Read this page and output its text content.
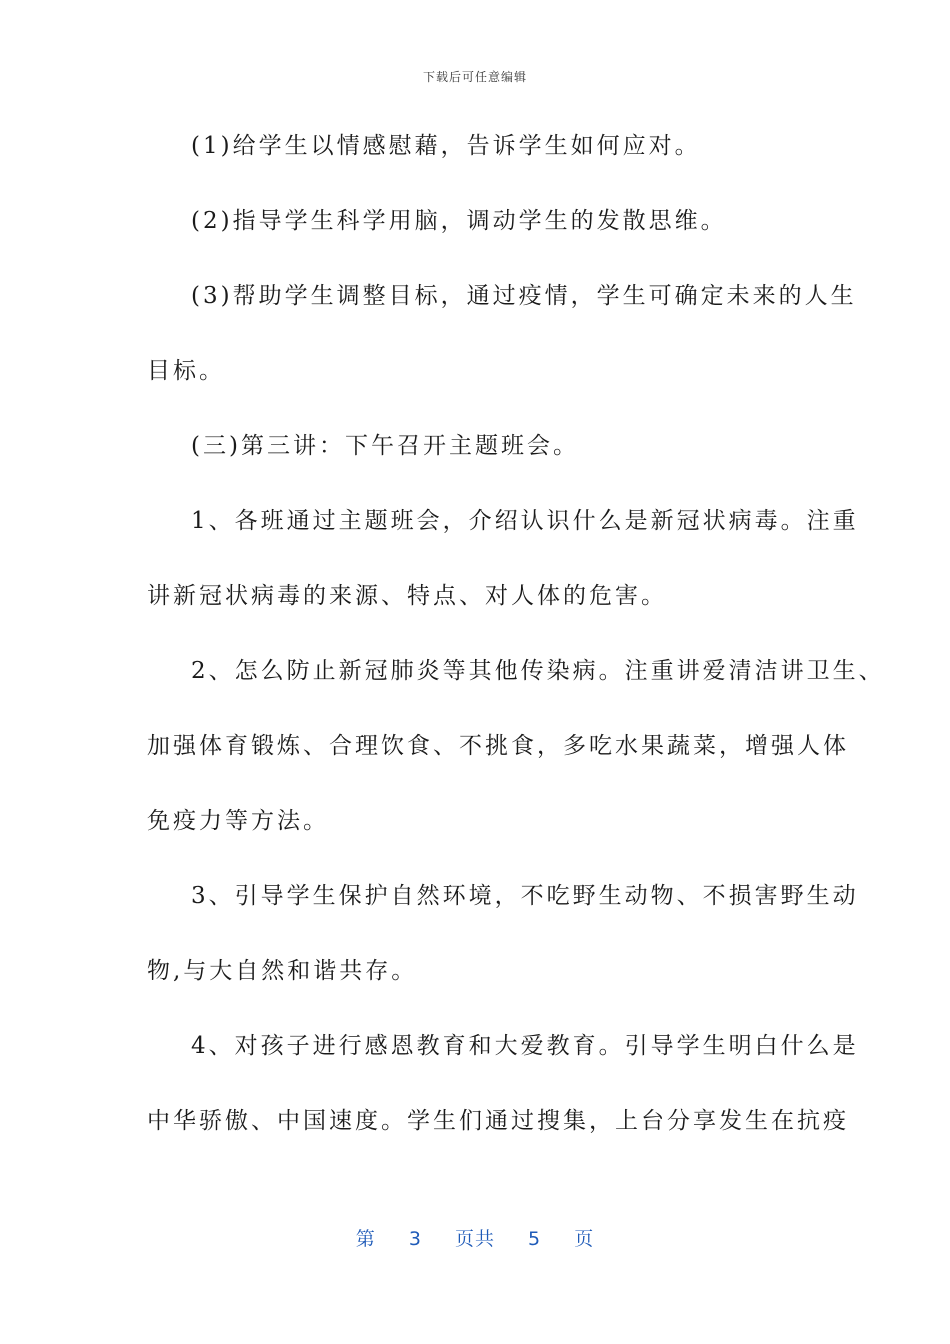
下载后可任意编辑
(1)给学生以情感慰藉，告诉学生如何应对。
(2)指导学生科学用脑，调动学生的发散思维。
(3)帮助学生调整目标，通过疫情，学生可确定未来的人生
目标。
(三)第三讲：下午召开主题班会。
1、各班通过主题班会，介绍认识什么是新冠状病毒。注重
讲新冠状病毒的来源、特点、对人体的危害。
2、怎么防止新冠肺炎等其他传染病。注重讲爱清洁讲卫生、
加强体育锻炼、合理饮食、不挑食，多吃水果蔬菜，增强人体
免疫力等方法。
3、引导学生保护自然环境，不吃野生动物、不损害野生动
物,与大自然和谐共存。
4、对孩子进行感恩教育和大爱教育。引导学生明白什么是
中华骄傲、中国速度。学生们通过搜集，上台分享发生在抗疫
第 3 页共 5 页
